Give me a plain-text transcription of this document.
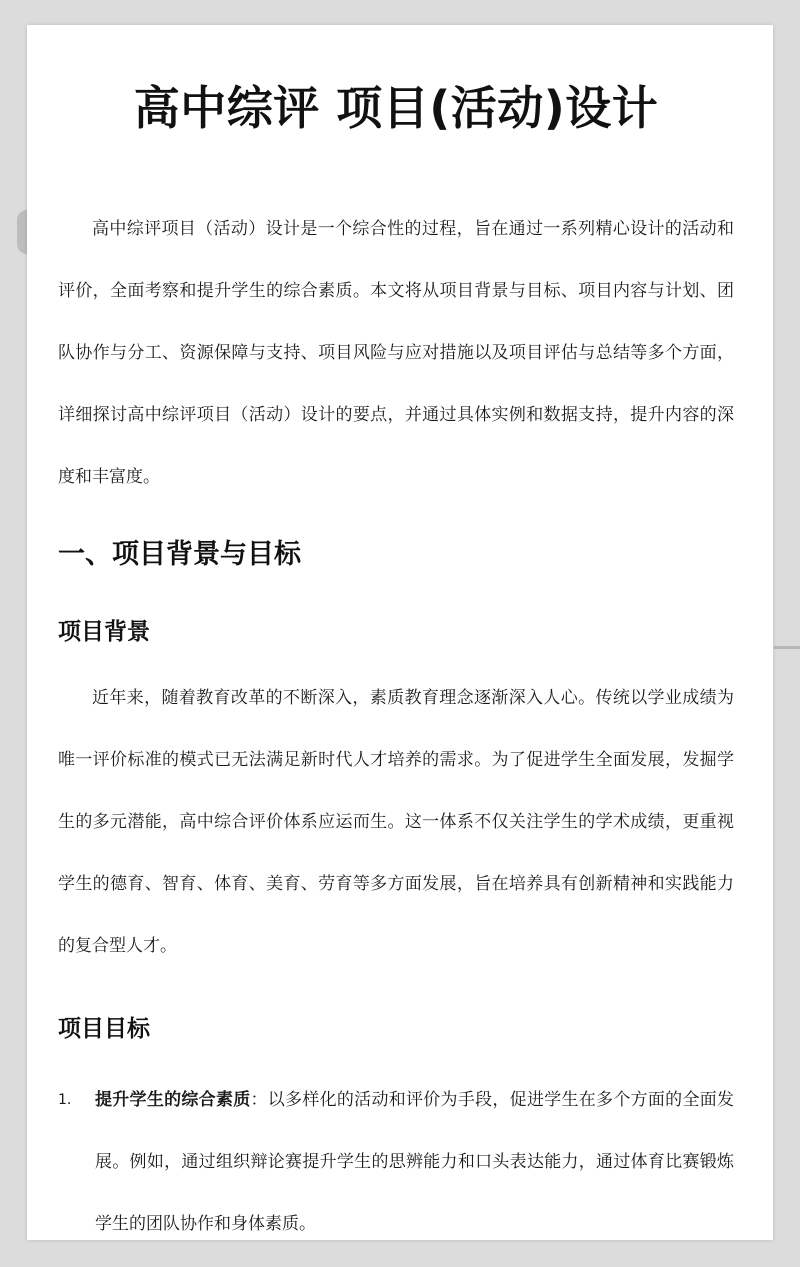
高中综评 项目(活动)设计

高中综评项目（活动）设计是一个综合性的过程，旨在通过一系列精心设计的活动和评价，全面考察和提升学生的综合素质。本文将从项目背景与目标、项目内容与计划、团队协作与分工、资源保障与支持、项目风险与应对措施以及项目评估与总结等多个方面，详细探讨高中综评项目（活动）设计的要点，并通过具体实例和数据支持，提升内容的深度和丰富度。

一、项目背景与目标
项目背景

近年来，随着教育改革的不断深入，素质教育理念逐渐深入人心。传统以学业成绩为唯一评价标准的模式已无法满足新时代人才培养的需求。为了促进学生全面发展，发掘学生的多元潜能，高中综合评价体系应运而生。这一体系不仅关注学生的学术成绩，更重视学生的德育、智育、体育、美育、劳育等多方面发展，旨在培养具有创新精神和实践能力的复合型人才。

项目目标
1. 提升学生的综合素质：以多样化的活动和评价为手段，促进学生在多个方面的全面发展。例如，通过组织辩论赛提升学生的思辨能力和口头表达能力，通过体育比赛锻炼学生的团队协作和身体素质。
